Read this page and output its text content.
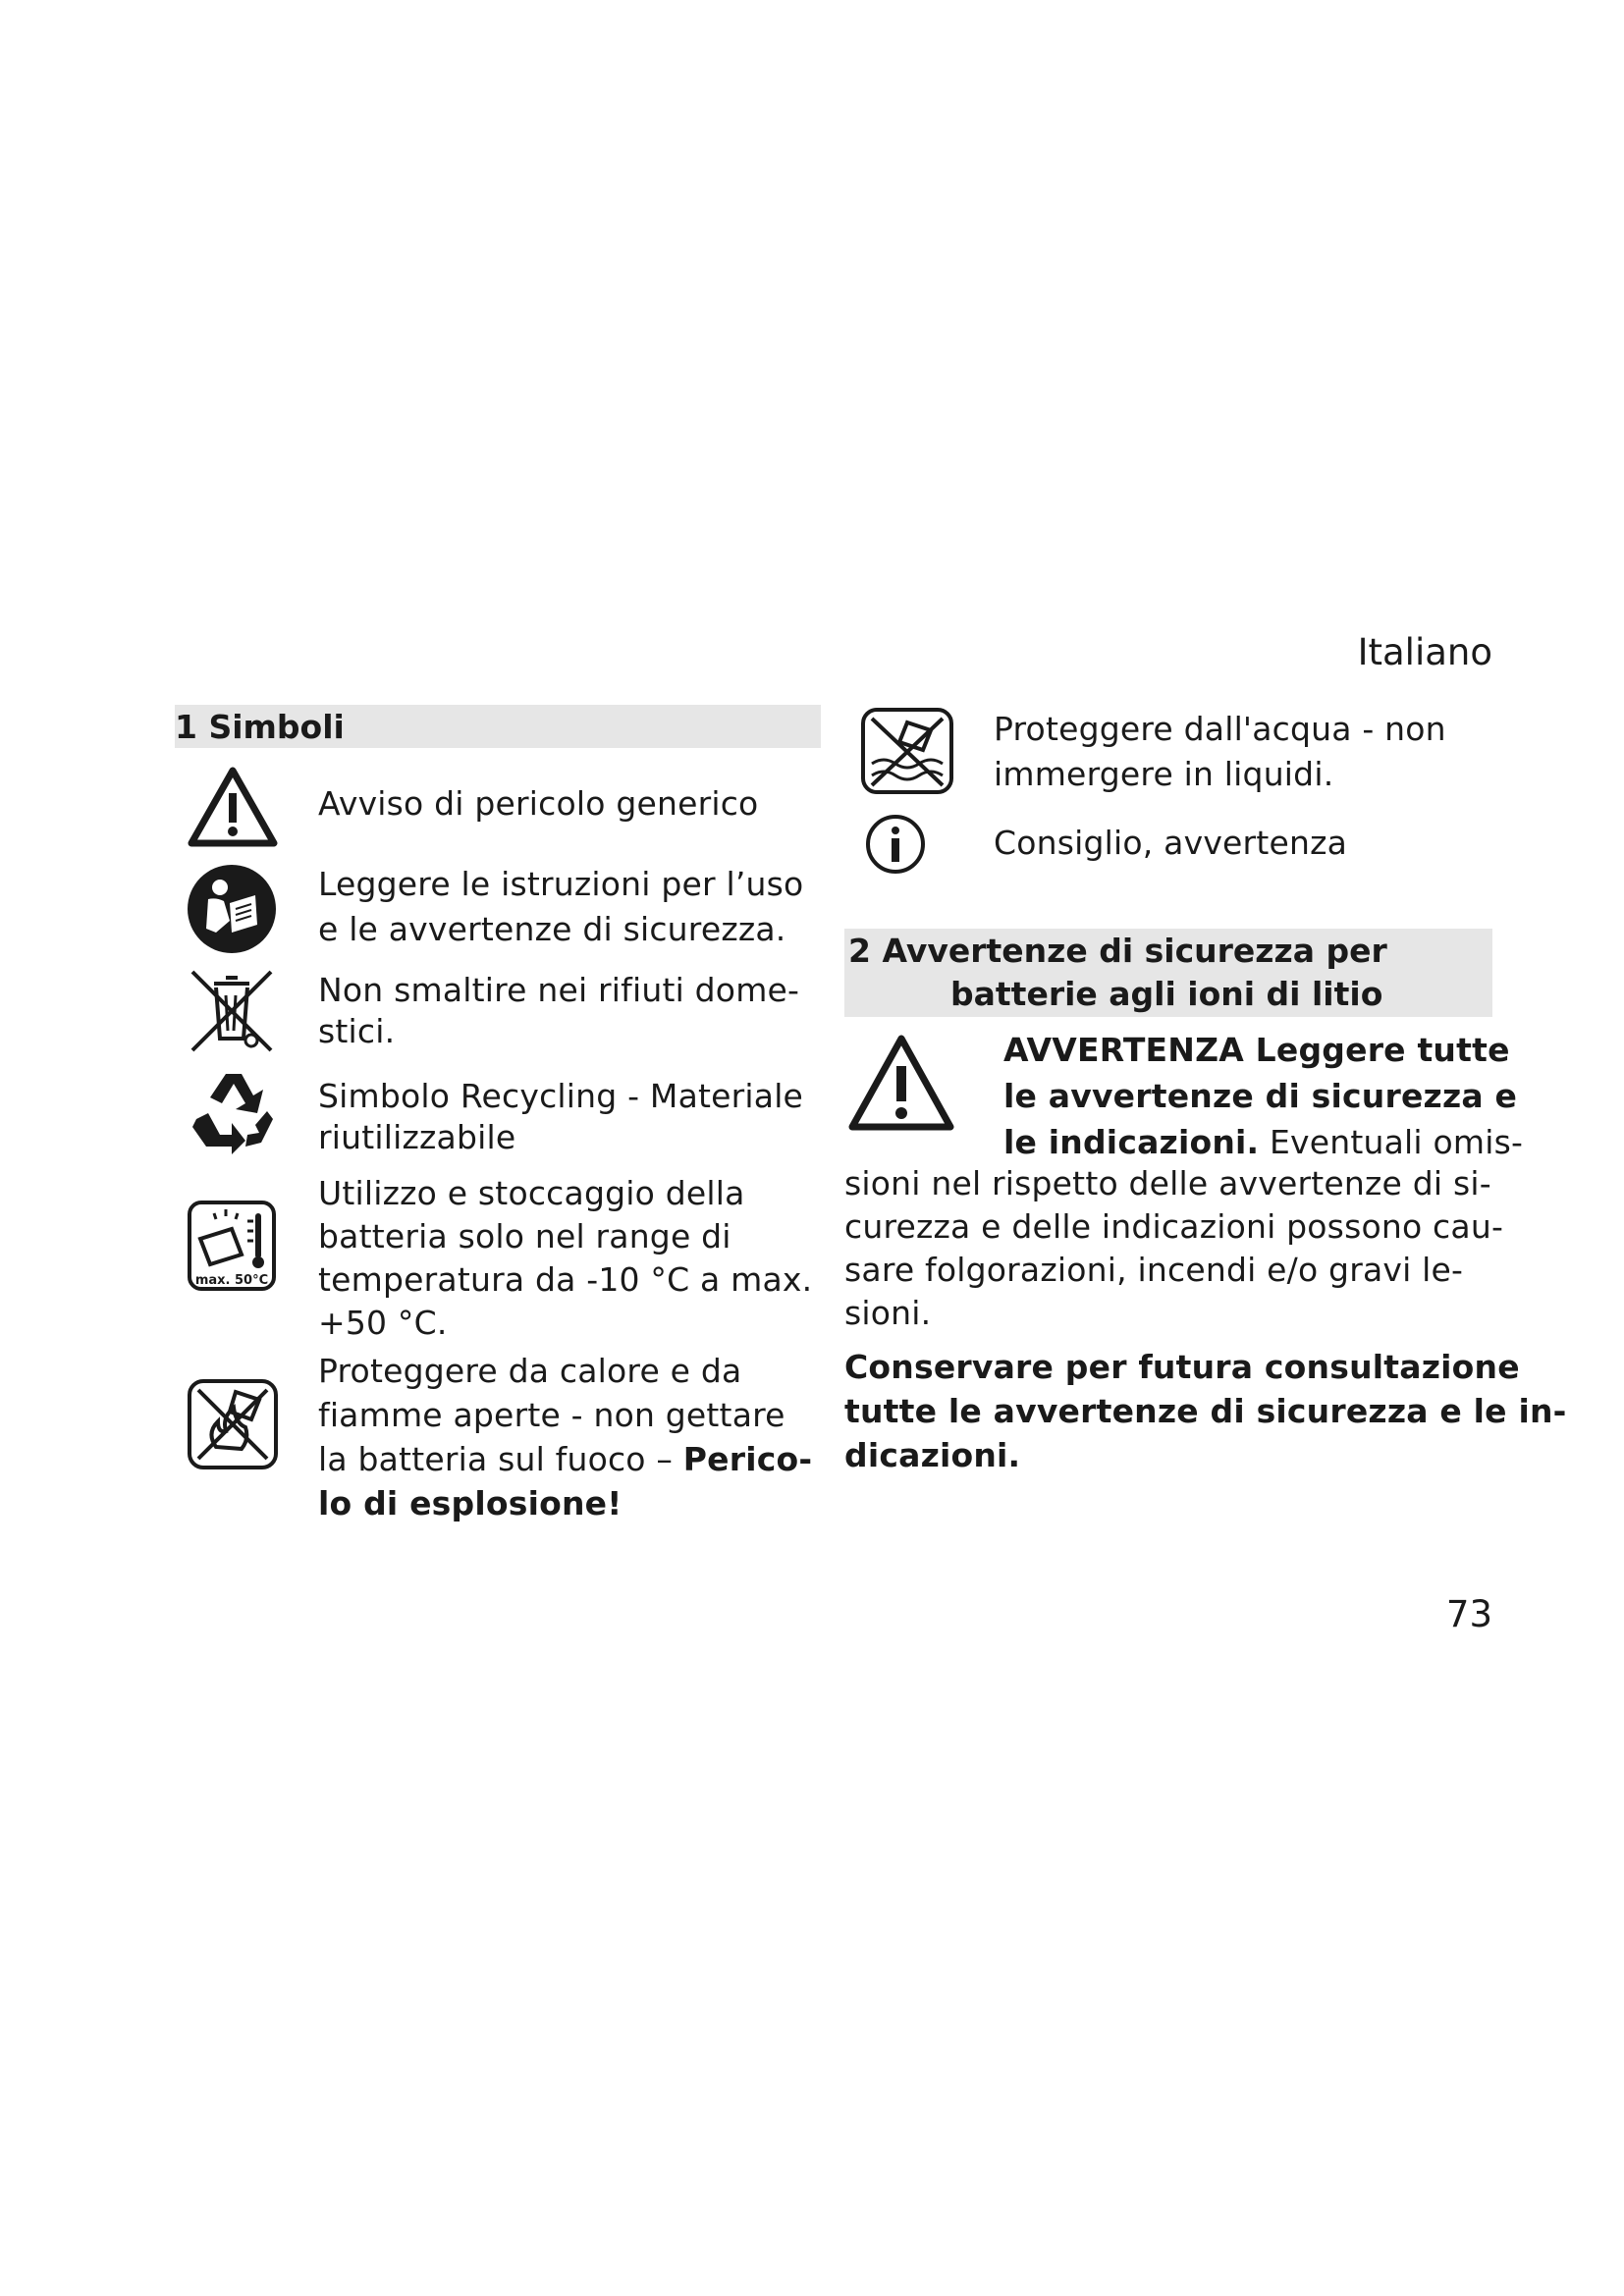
Italiano
1 Simboli
max. 50°C
Avviso di pericolo generico
Leggere le istruzioni per l’uso
e le avvertenze di sicurezza.
Non smaltire nei rifiuti dome-
stici.
Simbolo Recycling - Materiale
riutilizzabile
Utilizzo e stoccaggio della
batteria solo nel range di
temperatura da -10 °C a max.
+50 °C.
Proteggere da calore e da
fiamme aperte - non gettare
la batteria sul fuoco – Perico-
lo di esplosione!
Proteggere dall'acqua - non
immergere in liquidi.
Consiglio, avvertenza
2 Avvertenze di sicurezza per
batterie agli ioni di litio
AVVERTENZA Leggere tutte
le avvertenze di sicurezza e
le indicazioni. Eventuali omis-
sioni nel rispetto delle avvertenze di si-
curezza e delle indicazioni possono cau-
sare folgorazioni, incendi e/o gravi le-
sioni.
Conservare per futura consultazione
tutte le avvertenze di sicurezza e le in-
dicazioni.
73
